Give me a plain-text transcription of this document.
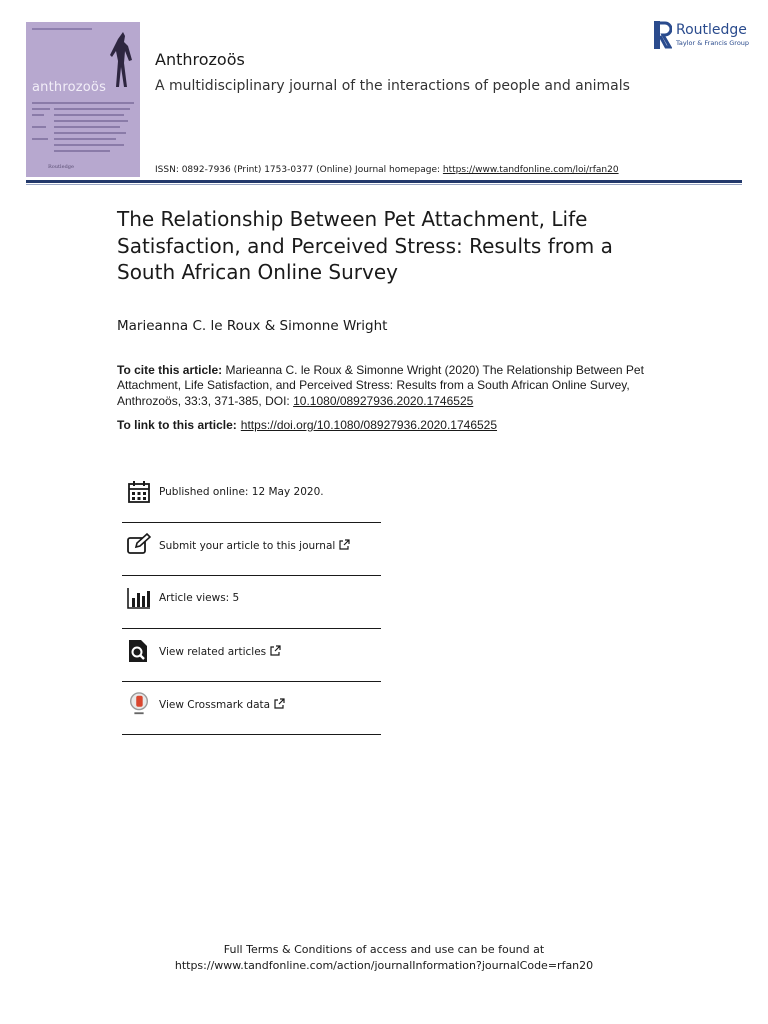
anthrozoös
Routledge
Anthrozoös
A multidisciplinary journal of the interactions of people and animals
ISSN: 0892-7936 (Print) 1753-0377 (Online) Journal homepage: https://www.tandfonline.com/loi/rfan20
Routledge
Taylor & Francis Group
The Relationship Between Pet Attachment, Life Satisfaction, and Perceived Stress: Results from a South African Online Survey
Marieanna C. le Roux & Simonne Wright
To cite this article: Marieanna C. le Roux & Simonne Wright (2020) The Relationship Between Pet Attachment, Life Satisfaction, and Perceived Stress: Results from a South African Online Survey, Anthrozoös, 33:3, 371-385, DOI: 10.1080/08927936.2020.1746525
To link to this article: https://doi.org/10.1080/08927936.2020.1746525
Published online: 12 May 2020.
Submit your article to this journal
Article views: 5
View related articles
View Crossmark data
Full Terms & Conditions of access and use can be found at
https://www.tandfonline.com/action/journalInformation?journalCode=rfan20
